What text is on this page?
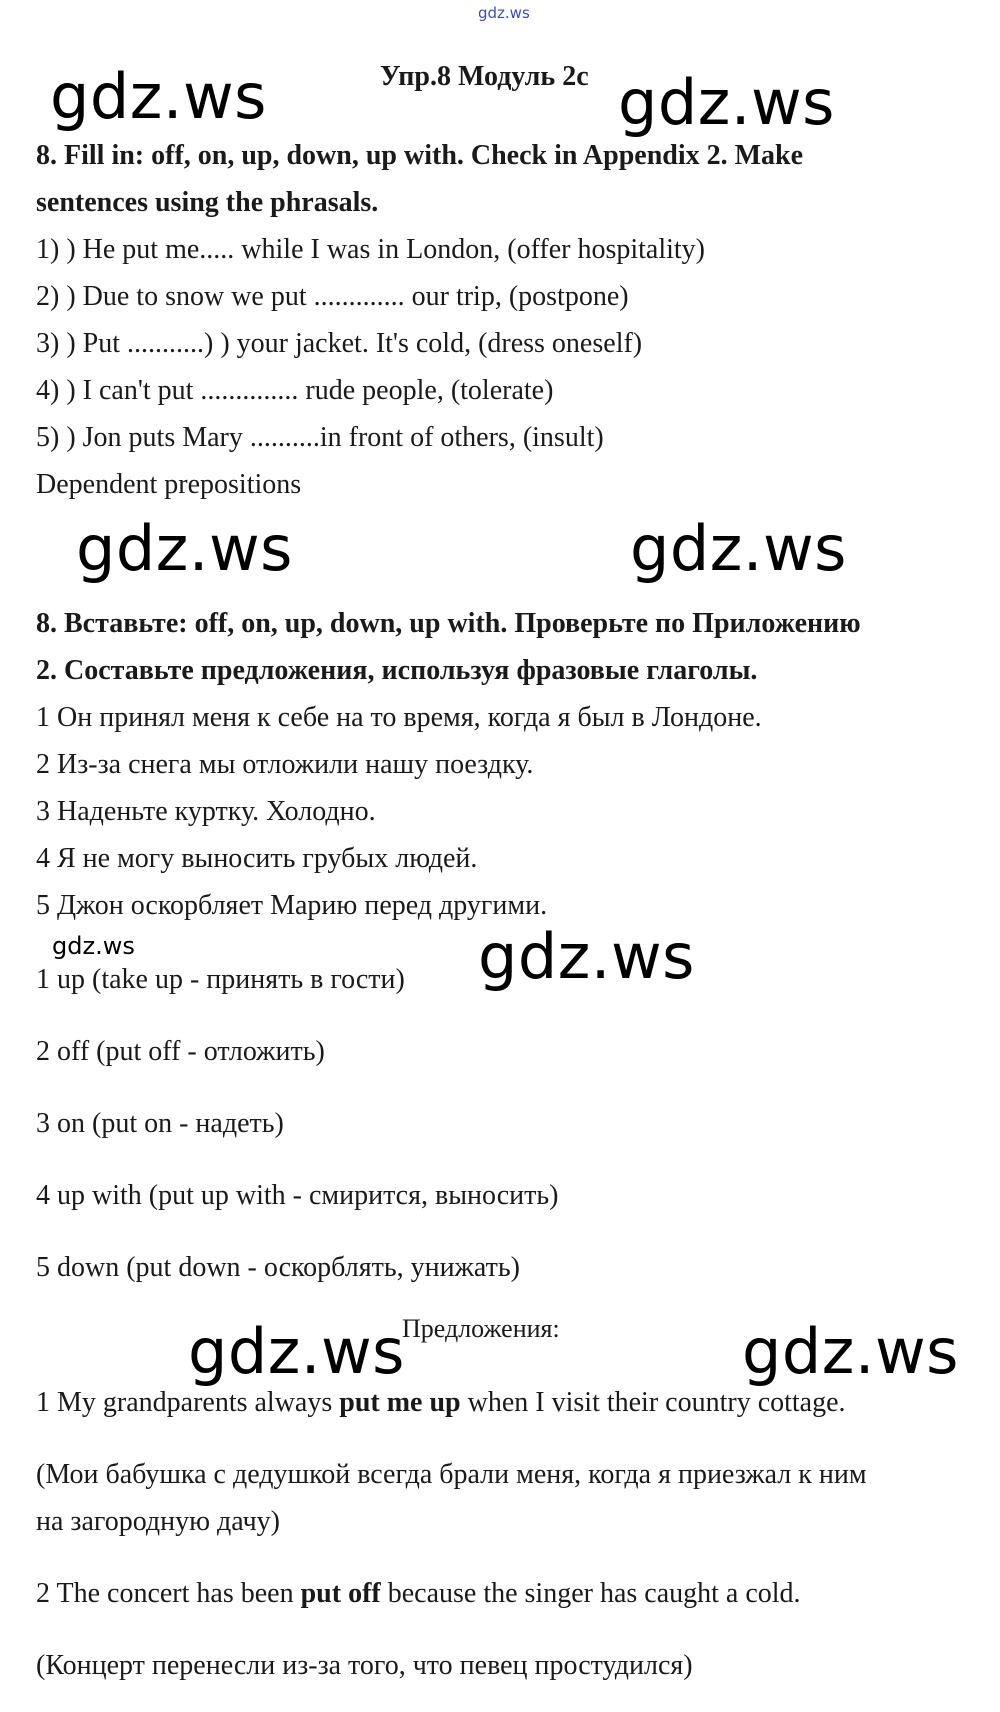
gdz.ws
Упр.8 Модуль 2с
gdz.ws	gdz.ws
8. Fill in: off, on, up, down, up with. Check in Appendix 2. Make
sentences using the phrasals.
1) ) He put me..... while I was in London, (offer hospitality)
2) ) Due to snow we put ............. our trip, (postpone)
3) ) Put ...........) ) your jacket. It's cold, (dress oneself)
4) ) I can't put .............. rude people, (tolerate)
5) ) Jon puts Mary ..........in front of others, (insult)
Dependent prepositions
gdz.ws	gdz.ws
8. Вставьте: off, on, up, down, up with. Проверьте по Приложению
2. Составьте предложения, используя фразовые глаголы.
1 Он принял меня к себе на то время, когда я был в Лондоне.
2 Из-за снега мы отложили нашу поездку.
3 Наденьте куртку. Холодно.
4 Я не могу выносить грубых людей.
5 Джон оскорбляет Марию перед другими.
gdz.ws	gdz.ws
1 up (take up - принять в гости)
2 off (put off - отложить)
3 on (put on - надеть)
4 up with (put up with - смирится, выносить)
5 down (put down - оскорблять, унижать)
gdz.ws
Предложения:	gdz.ws
1 My grandparents always put me up when I visit their country cottage.
(Мои бабушка с дедушкой всегда брали меня, когда я приезжал к ним
на загородную дачу)
2 The concert has been put off because the singer has caught a cold.
(Концерт перенесли из-за того, что певец простудился)
